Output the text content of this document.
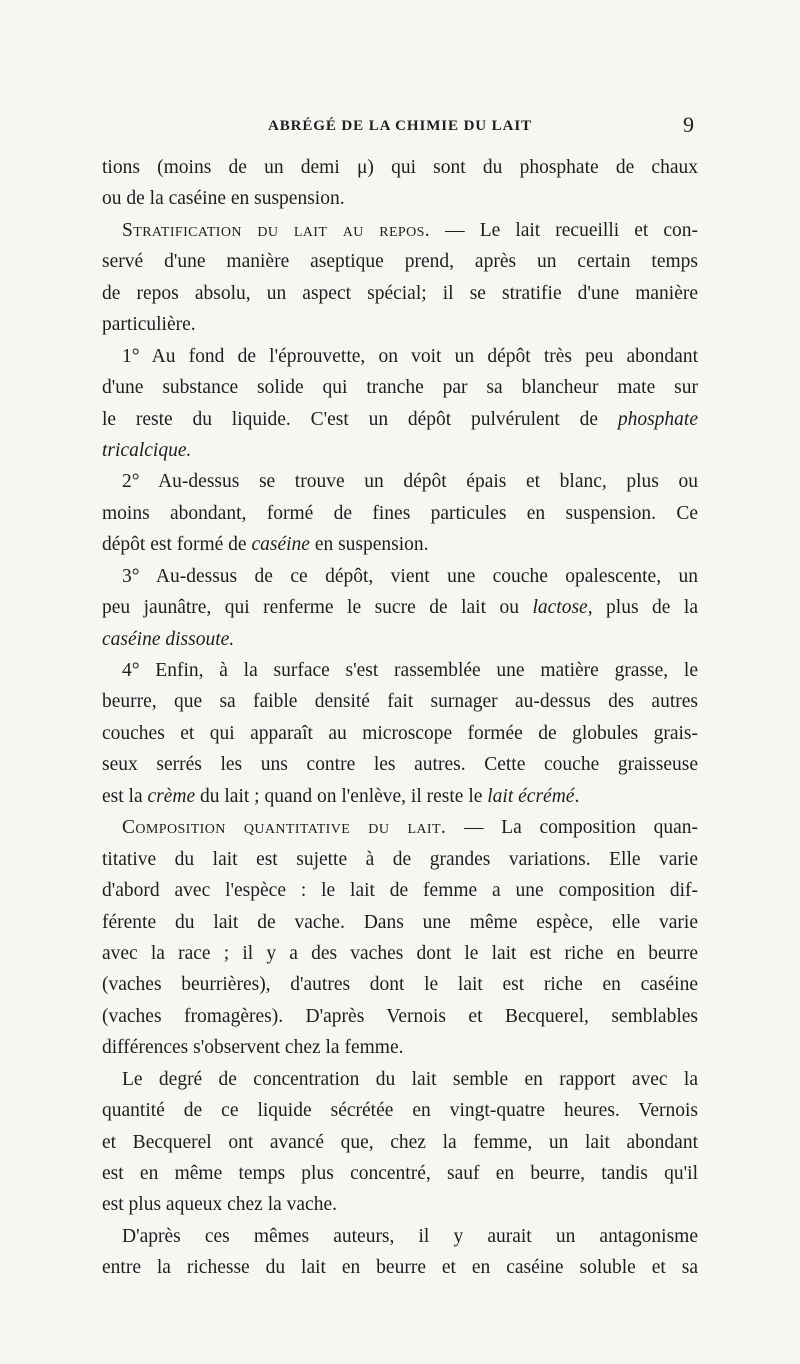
ABRÉGÉ DE LA CHIMIE DU LAIT	9
tions (moins de un demi μ) qui sont du phosphate de chaux
ou de la caséine en suspension.
Stratification du lait au repos. — Le lait recueilli et con-
servé d'une manière aseptique prend, après un certain temps
de repos absolu, un aspect spécial; il se stratifie d'une manière
particulière.
1° Au fond de l'éprouvette, on voit un dépôt très peu abondant
d'une substance solide qui tranche par sa blancheur mate sur
le reste du liquide. C'est un dépôt pulvérulent de phosphate
tricalcique.
2° Au-dessus se trouve un dépôt épais et blanc, plus ou
moins abondant, formé de fines particules en suspension. Ce
dépôt est formé de caséine en suspension.
3° Au-dessus de ce dépôt, vient une couche opalescente, un
peu jaunâtre, qui renferme le sucre de lait ou lactose, plus de la
caséine dissoute.
4° Enfin, à la surface s'est rassemblée une matière grasse, le
beurre, que sa faible densité fait surnager au-dessus des autres
couches et qui apparaît au microscope formée de globules grais-
seux serrés les uns contre les autres. Cette couche graisseuse
est la crème du lait ; quand on l'enlève, il reste le lait écrémé.
Composition quantitative du lait. — La composition quan-
titative du lait est sujette à de grandes variations. Elle varie
d'abord avec l'espèce : le lait de femme a une composition dif-
férente du lait de vache. Dans une même espèce, elle varie
avec la race ; il y a des vaches dont le lait est riche en beurre
(vaches beurrières), d'autres dont le lait est riche en caséine
(vaches fromagères). D'après Vernois et Becquerel, semblables
différences s'observent chez la femme.
Le degré de concentration du lait semble en rapport avec la
quantité de ce liquide sécrétée en vingt-quatre heures. Vernois
et Becquerel ont avancé que, chez la femme, un lait abondant
est en même temps plus concentré, sauf en beurre, tandis qu'il
est plus aqueux chez la vache.
D'après ces mêmes auteurs, il y aurait un antagonisme
entre la richesse du lait en beurre et en caséine soluble et sa
